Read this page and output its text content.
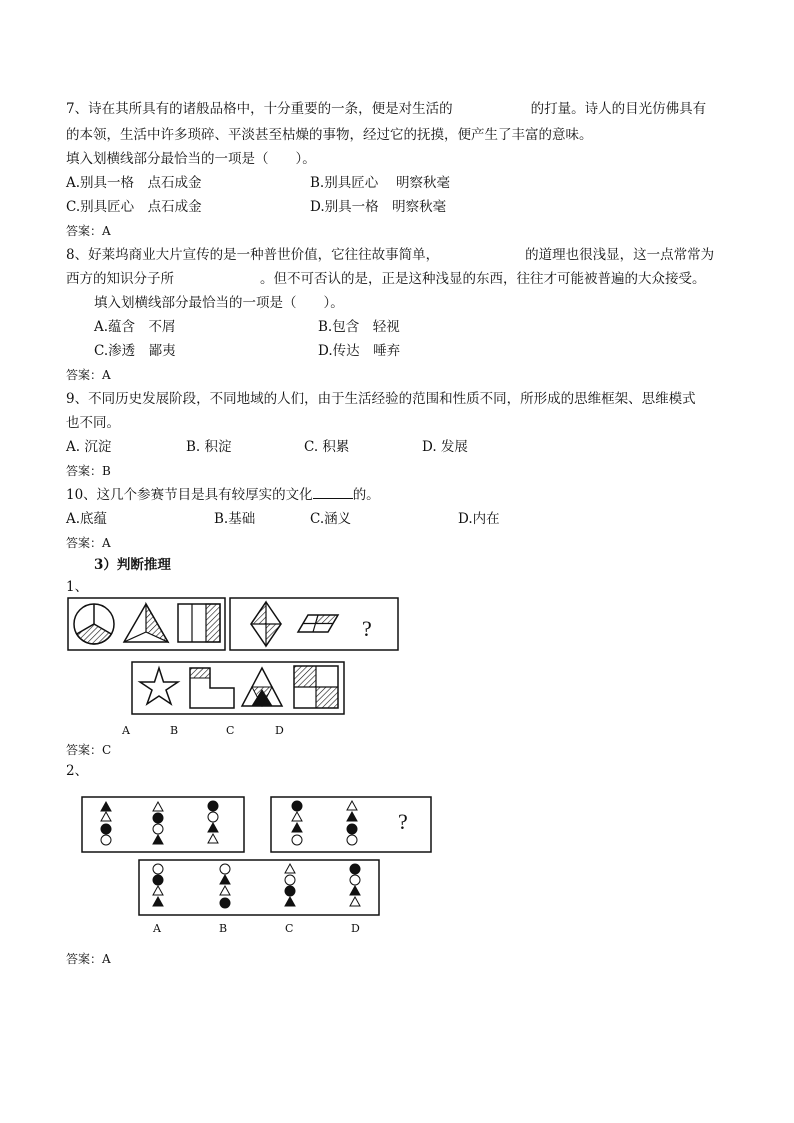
7、诗在其所具有的诸般品格中，十分重要的一条，便是对生活的	的打量。诗人的目光仿佛具有
的本领，生活中许多琐碎、平淡甚至枯燥的事物，经过它的抚摸，便产生了丰富的意味。
填入划横线部分最恰当的一项是（　　）。
A.别具一格　点石成金	B.别具匠心　 明察秋毫
C.别具匠心　点石成金	D.别具一格　明察秋毫
答案：A
8、好莱坞商业大片宣传的是一种普世价值，它往往故事简单，	的道理也很浅显，这一点常常为
西方的知识分子所	。但不可否认的是，正是这种浅显的东西，往往才可能被普遍的大众接受。
填入划横线部分最恰当的一项是（　　）。
A.蕴含　不屑	B.包含　轻视
C.渗透　鄙夷	D.传达　唾弃
答案：A
9、不同历史发展阶段，不同地域的人们，由于生活经验的范围和性质不同，所形成的思维框架、思维模式
也不同。
A. 沉淀	B. 积淀	C. 积累	D. 发展
答案：B
10、这几个参赛节目是具有较厚实的文化	的。
A.底蕴	B.基础	C.涵义	D.内在
答案：A
3）判断推理
1、
?
A	B	C	D
答案：C
2、
?
A	B	C	D
答案：A
